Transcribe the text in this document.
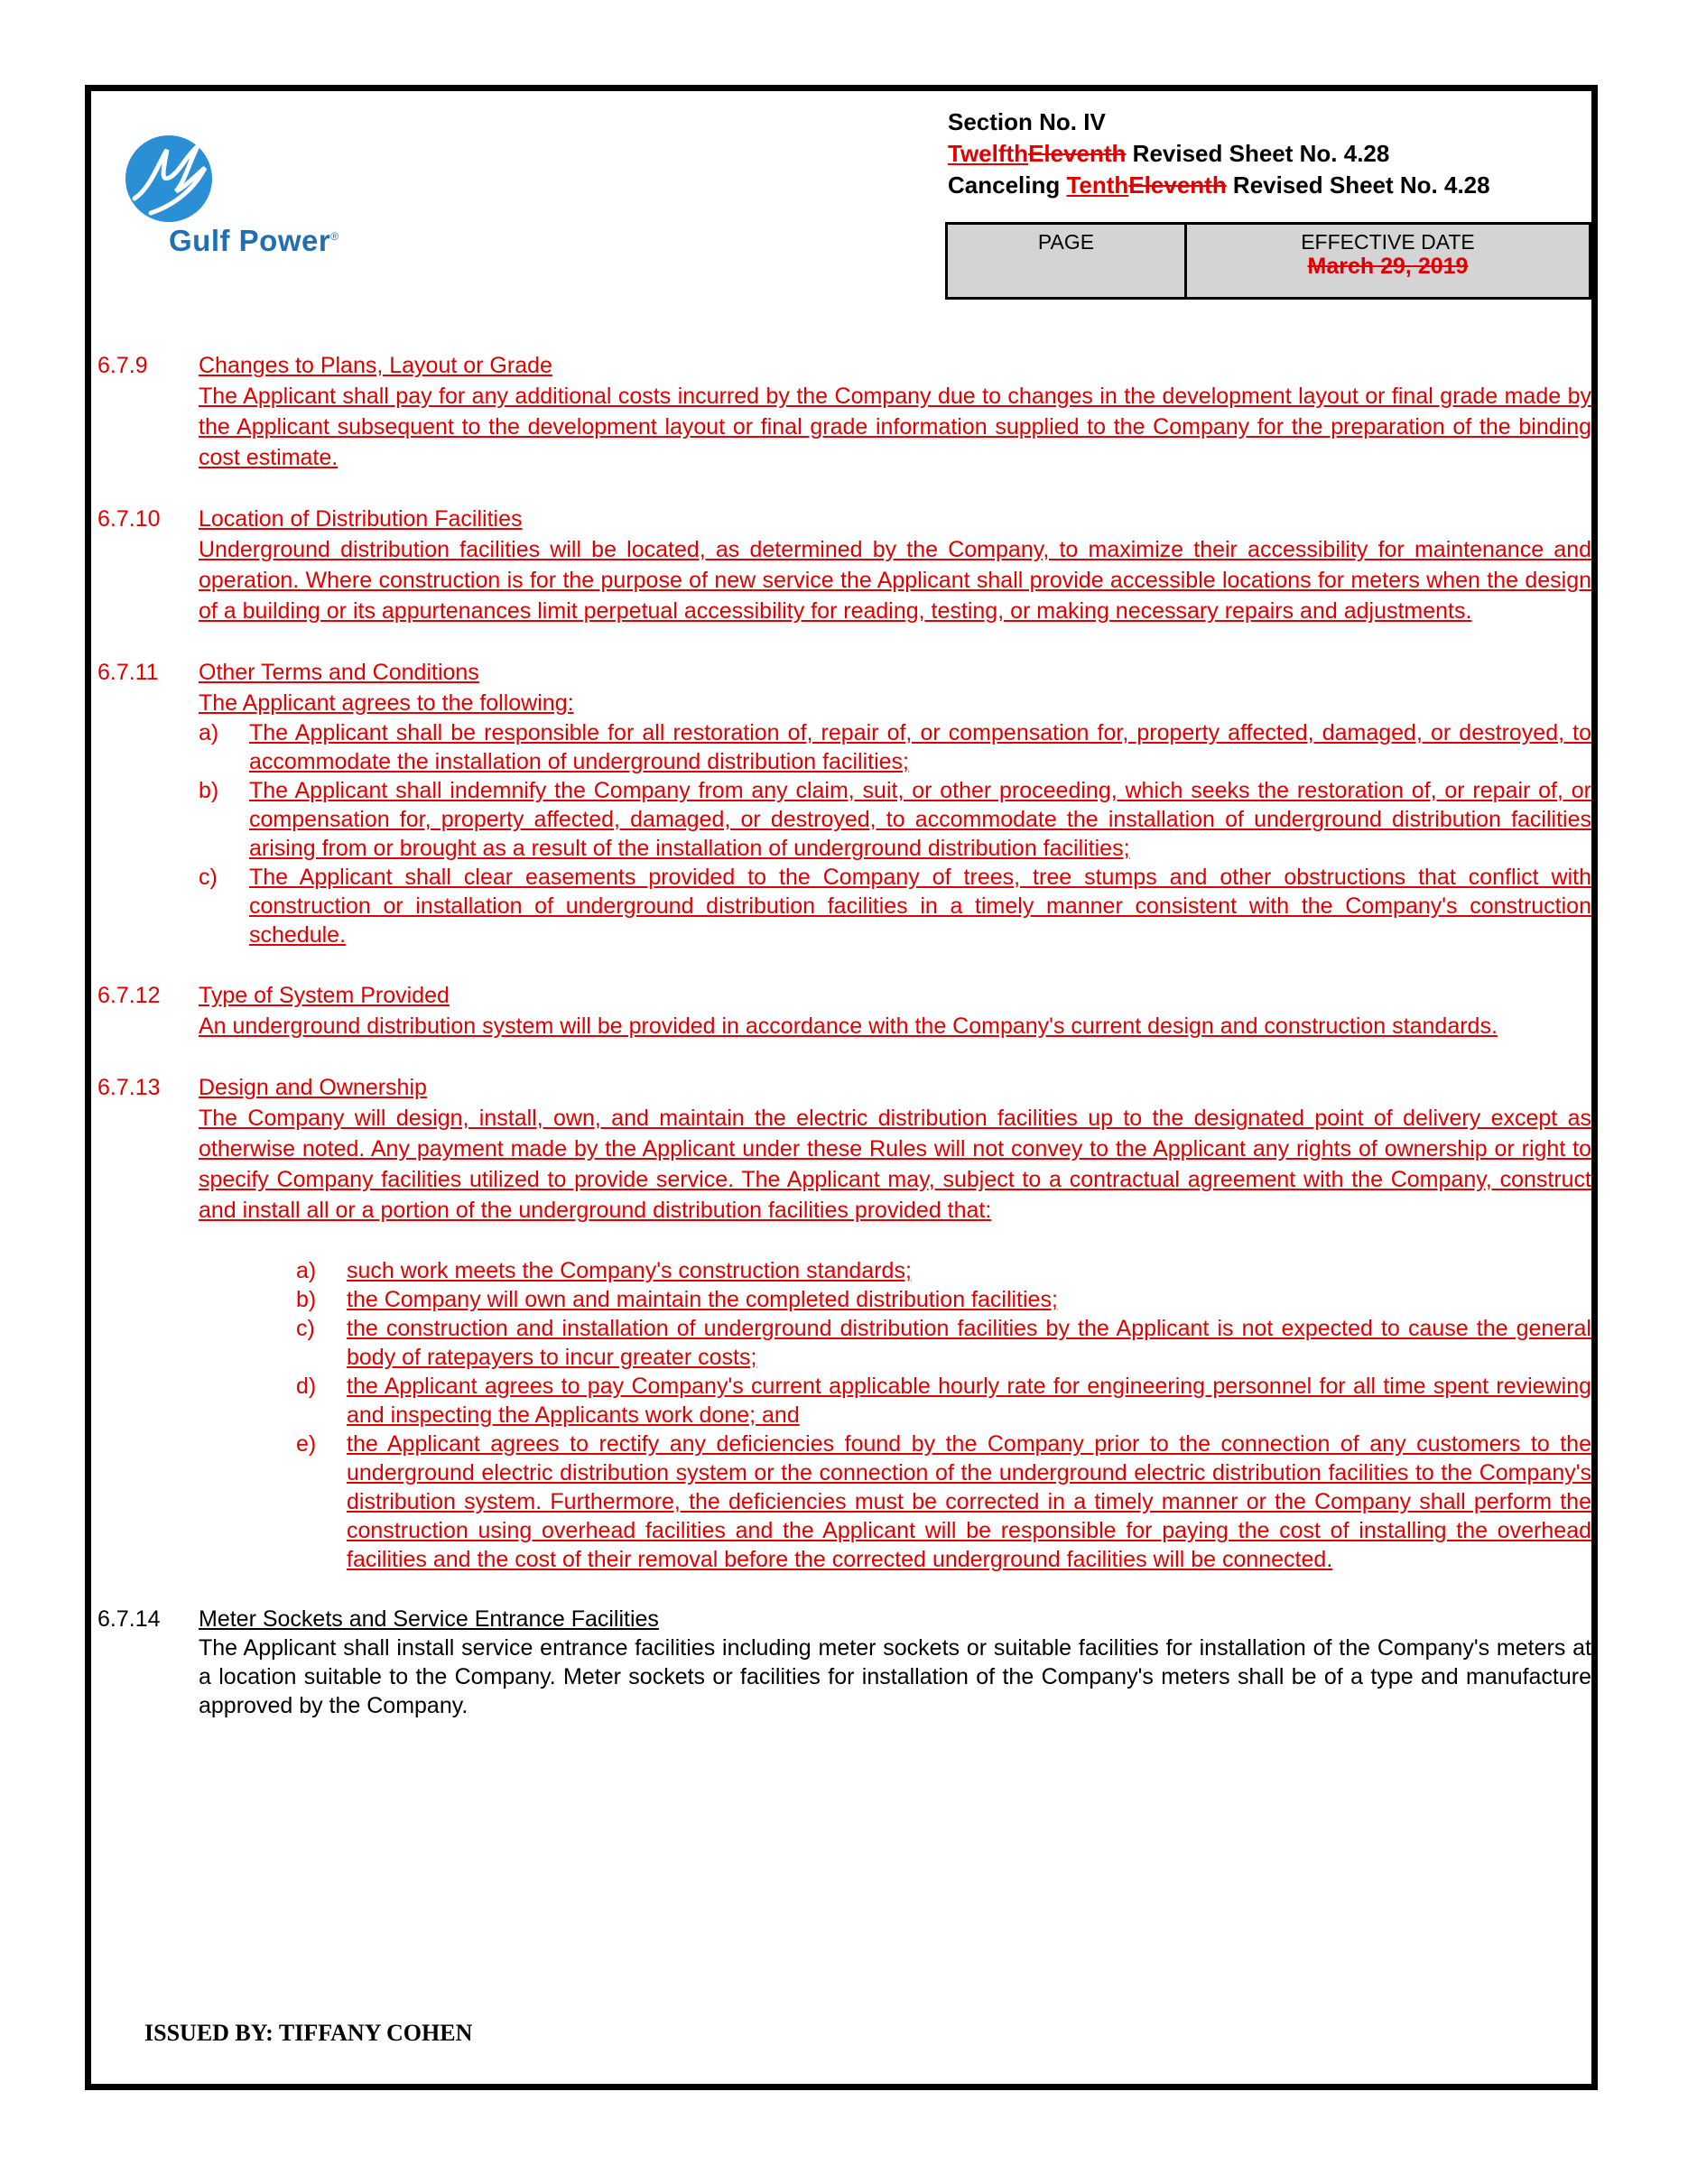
Gulf Power®
Section No. IV
TwelfthEleventh Revised Sheet No. 4.28
Canceling TenthEleventh Revised Sheet No. 4.28
PAGE	EFFECTIVE DATE
March 29, 2019
6.7.9 Changes to Plans, Layout or Grade
The Applicant shall pay for any additional costs incurred by the Company due to changes in the development layout or final grade made by the Applicant subsequent to the development layout or final grade information supplied to the Company for the preparation of the binding cost estimate.
6.7.10 Location of Distribution Facilities
Underground distribution facilities will be located, as determined by the Company, to maximize their accessibility for maintenance and operation. Where construction is for the purpose of new service the Applicant shall provide accessible locations for meters when the design of a building or its appurtenances limit perpetual accessibility for reading, testing, or making necessary repairs and adjustments.
6.7.11 Other Terms and Conditions
The Applicant agrees to the following:
a) The Applicant shall be responsible for all restoration of, repair of, or compensation for, property affected, damaged, or destroyed, to accommodate the installation of underground distribution facilities;
b) The Applicant shall indemnify the Company from any claim, suit, or other proceeding, which seeks the restoration of, or repair of, or compensation for, property affected, damaged, or destroyed, to accommodate the installation of underground distribution facilities arising from or brought as a result of the installation of underground distribution facilities;
c) The Applicant shall clear easements provided to the Company of trees, tree stumps and other obstructions that conflict with construction or installation of underground distribution facilities in a timely manner consistent with the Company's construction schedule.
6.7.12 Type of System Provided
An underground distribution system will be provided in accordance with the Company's current design and construction standards.
6.7.13 Design and Ownership
The Company will design, install, own, and maintain the electric distribution facilities up to the designated point of delivery except as otherwise noted. Any payment made by the Applicant under these Rules will not convey to the Applicant any rights of ownership or right to specify Company facilities utilized to provide service. The Applicant may, subject to a contractual agreement with the Company, construct and install all or a portion of the underground distribution facilities provided that:
a) such work meets the Company's construction standards;
b) the Company will own and maintain the completed distribution facilities;
c) the construction and installation of underground distribution facilities by the Applicant is not expected to cause the general body of ratepayers to incur greater costs;
d) the Applicant agrees to pay Company's current applicable hourly rate for engineering personnel for all time spent reviewing and inspecting the Applicants work done; and
e) the Applicant agrees to rectify any deficiencies found by the Company prior to the connection of any customers to the underground electric distribution system or the connection of the underground electric distribution facilities to the Company's distribution system. Furthermore, the deficiencies must be corrected in a timely manner or the Company shall perform the construction using overhead facilities and the Applicant will be responsible for paying the cost of installing the overhead facilities and the cost of their removal before the corrected underground facilities will be connected.
6.7.14 Meter Sockets and Service Entrance Facilities
The Applicant shall install service entrance facilities including meter sockets or suitable facilities for installation of the Company's meters at a location suitable to the Company. Meter sockets or facilities for installation of the Company's meters shall be of a type and manufacture approved by the Company.
ISSUED BY: TIFFANY COHEN
